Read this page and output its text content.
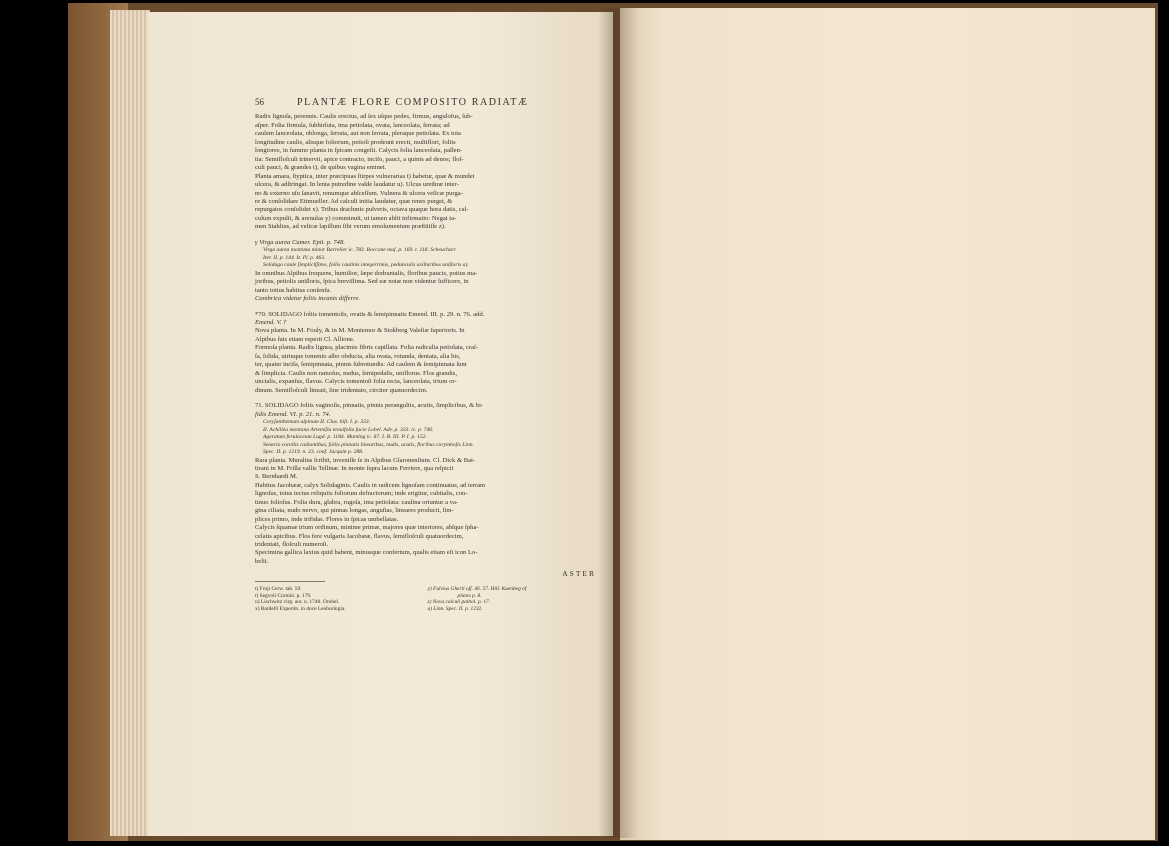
56	PLANTÆ FLORE COMPOSITO RADIATÆ

Radix lignoſa, perennis. Caulis erectus, ad ſex uſque pedes, firmus, angulofus, ſub-

aſper. Folia firmula, ſubhirſuta, ima petiolata, ovata, lanceolata, ſerrata; ad

caulem lanceolata, oblonga, ſerrata, aut non ſerrata, pleraque petiolata. Ex tota

longitudine caulis, alisque foliorum, petioli prodeunt erecti, multiflori, foliis

longiores, in ſummo planta in ſpicam congeſti. Calycis folia lanceolata, pallen-

tia: Semifloſculi trinervii, apice contracto, inciſo, pauci, a quinis ad denos; floſ-

culi pauci, & grandes t), de quibus vagina eminet.

Planta amara, ſtyptica, inter præcipuas ſtirpes vulnerarias t) habetur, quæ & mundet

ulcera, & adſtringat. In lenta putredine valde laudatur u). Ulcus urethræ inter-

no & externo uſu ſanavit, renumque abſceſſum. Vulnera & ulcera veſicæ purga-

re & conſolidare Ettmueller. Ad calculi initia laudatur, quæ renes purget, &

repurgatos conſolidet x). Tribus drachmis pulveris, octava quaque hora datis, cal-

culum expulit, & arenulas y) comminuit, ut tamen ablit infirmatio: Negat ta-

men Stahlius, ad veſicæ lapillum ſibi verum emolumentum præſtitiſſe z).

γ Virga aurea Camer. Epit. p. 748.

Virga aurea montana minor Barrelier ic. 783. Boccone muſ. p. 169. t. 118. Scheuchzer

Iter. II. p. 144. It. IV. p. 463.

Solidago caule ſimpliciſſimo, foliis caulinis integerrimis, pedunculis axillaribus uniſloris a).

In omnibus Alpibus frequens, humilior, ſæpe dodrantalis, floribus paucis, potius ma-

joribus, petiolis uniſloris, ſpica breviſſima. Sed eæ notæ non videntur ſufficere, in

tanto totius habitus conſenſu.

Cambrica videtur foliis incanis differre.

*70. SOLIDAGO foliis tomentoſis, ovatis & ſemipinnatis Emend. III. p. 29. n. 76. add.

Emend. V. †

Nova planta. In M. Fouly, & in M. Montemor & Stokberg Valeſiæ ſuperioris. In

Alpibus ſuis etiam reperit Cl. Allione.

Formoſa planta. Radix lignea, placimis fibris capillata. Folia radicalia petiolata, craſ-

ſa, ſolida, utrinque tomento albo obducta, alia ovata, rotunda, dentata, alia bis,

ter, quater inciſa, ſemipinnata, pinnis ſubrotundis: Ad caulem & ſemipinnata ſunt

& ſimplicia. Caulis non ramoſus, nudus, ſemipedalis, uniflorus. Flos grandis,

uncialis, expanſus, flavus. Calycis tomentoſi folia recta, lanceolata, trium or-

dinum. Semifloſculi lineati, ſine tridentato, circiter quatuordecim.

71. SOLIDAGO foliis vaginoſis, pinnatis, pinnis perangultis, acutis, ſimplicibus, & bi-

fidis Emend. VI. p. 21. n. 74.

Coryſanthemum alpinum II. Clus. hiſt. I. p. 333.

II. Achillea montana Artemiſia tenuifolia facie Lobel. Adv. p. 333. ic. p. 746.

Ageratum ferulaceum Lugd. p. 1184. Munting ic. 87. I. B. III. P. I. p. 152.

Senecio corollis radiantibus, foliis pinnatis linearibus, nudis, acutis, floribus corymboſis Linn.

Spec. II. p. 1219. n. 23. conf. Jacquin p. 288.

Rara planta. Muraltus ſcribit, inveniſſe ſe in Alpibus Glaronenſium. Cl. Dick & Bat-

tirani in M. Frilla vallis Tellinæ. In monte ſupra lacum Ferriere, qua reſpicit

S. Bernhardi M.

Habitus Jacobææ, calyx Solidaginis. Caulis in radicem lignoſam continuatus, ad terram

lignoſus, totus tectus reliquiis foliorum defractorum; inde erigitur, cubitalis, con-

tinuo folioſus. Folia dura, glabra, rugoſa, ima petiolata: caulina oriuntur a va-

gina ciliata, nudo nervo, qui pinnas longas, anguſtas, lineares producit, ſim-

plices primo, inde trifidas. Flores in ſpicas umbellatas.

Calycis ſquamæ trium ordinum, minime primæ, majores quæ interiores, abſque ſpha-

celatis apicibus. Flos fere vulgaris Jacobææ, flavus, ſemifloſculi quatuordecim,

tridentati, floſculi numeroſi.

Specimina gallica laxius quid habent, minusque confertum, qualis etiam eſt icon Lo-

belii.

ASTER

t) Frujt Cerw. tab. 59.

t) Segvoli Cornini. p. 179.

u) Lischwitz virg. aur. n. 1748. Orohel.

x) Bardelli Experim. in duce Leoburingia.

y) Fulvius Gherli oſſ. 46. 57. Hill. Kuenbeg of

plants p. 8.

z) Nova calculi pathol. p. 17.

a) Linn. Spec. II. p. 1232.
